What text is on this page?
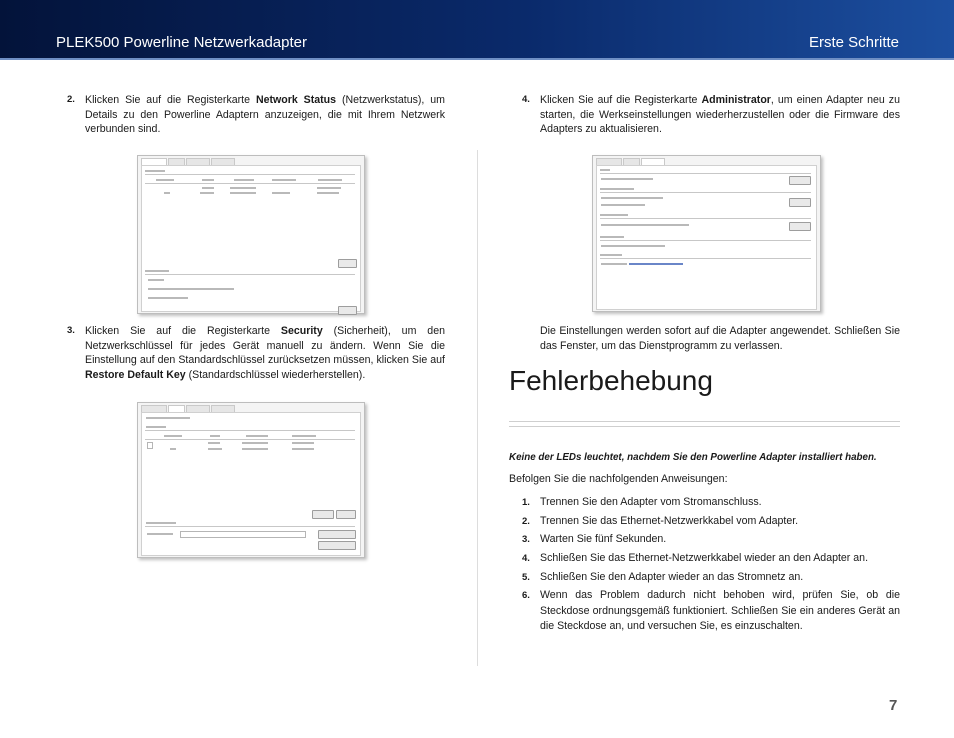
PLEK500 Powerline Netzwerkadapter	Erste Schritte
2. Klicken Sie auf die Registerkarte Network Status (Netzwerkstatus), um Details zu den Powerline Adaptern anzuzeigen, die mit Ihrem Netzwerk verbunden sind.
3. Klicken Sie auf die Registerkarte Security (Sicherheit), um den Netzwerkschlüssel für jedes Gerät manuell zu ändern. Wenn Sie die Einstellung auf den Standardschlüssel zurücksetzen müssen, klicken Sie auf Restore Default Key (Standardschlüssel wiederherstellen).
4. Klicken Sie auf die Registerkarte Administrator, um einen Adapter neu zu starten, die Werkseinstellungen wiederherzustellen oder die Firmware des Adapters zu aktualisieren.
Die Einstellungen werden sofort auf die Adapter angewendet. Schließen Sie das Fenster, um das Dienstprogramm zu verlassen.
Fehlerbehebung
Keine der LEDs leuchtet, nachdem Sie den Powerline Adapter installiert haben.
Befolgen Sie die nachfolgenden Anweisungen:
1. Trennen Sie den Adapter vom Stromanschluss.
2. Trennen Sie das Ethernet-Netzwerkkabel vom Adapter.
3. Warten Sie fünf Sekunden.
4. Schließen Sie das Ethernet-Netzwerkkabel wieder an den Adapter an.
5. Schließen Sie den Adapter wieder an das Stromnetz an.
6. Wenn das Problem dadurch nicht behoben wird, prüfen Sie, ob die Steckdose ordnungsgemäß funktioniert. Schließen Sie ein anderes Gerät an die Steckdose an, und versuchen Sie, es einzuschalten.
7
